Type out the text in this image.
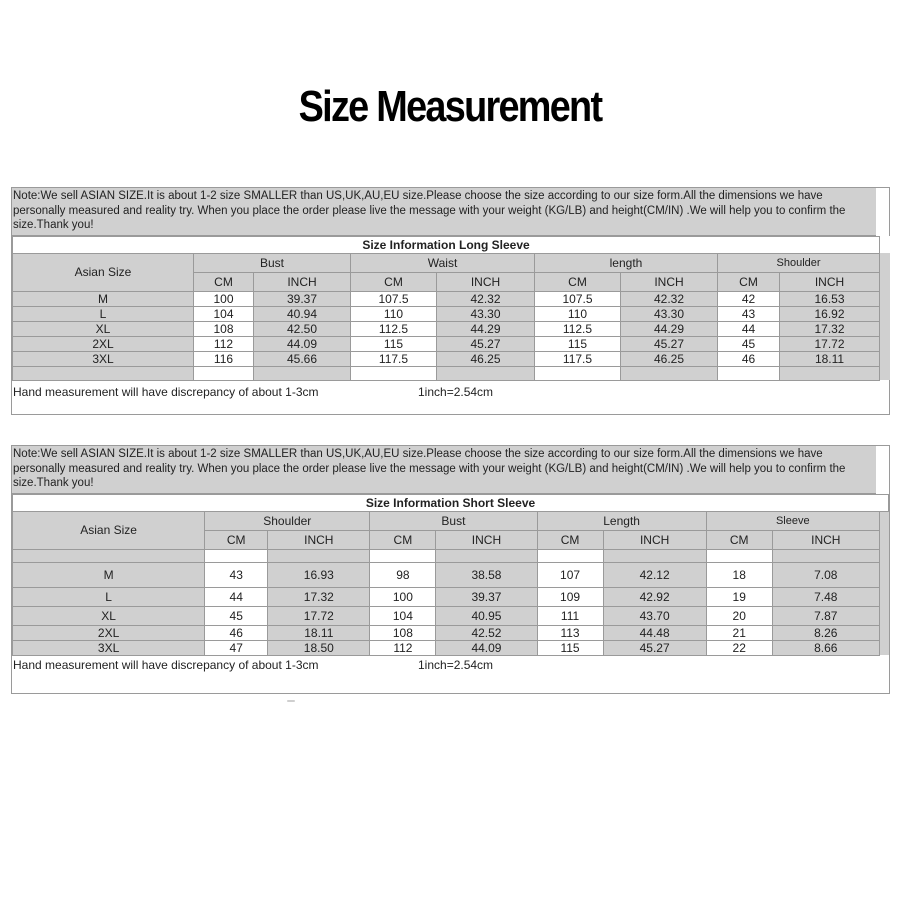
Size Measurement
Note:We sell ASIAN SIZE.It is about 1-2 size SMALLER than US,UK,AU,EU size.Please choose the size according to our size form.All the dimensions we have personally measured and reality try. When you place the order please live the message with your weight (KG/LB) and height(CM/IN) .We will help you to confirm the size.Thank you!
Size Information Long Sleeve									
Asian Size	Bust		Waist		length		Shoulder		
	CM	INCH	CM	INCH	CM	INCH	CM	INCH	
M	100	39.37	107.5	42.32	107.5	42.32	42	16.53	
L	104	40.94	110	43.30	110	43.30	43	16.92	
XL	108	42.50	112.5	44.29	112.5	44.29	44	17.32	
2XL	112	44.09	115	45.27	115	45.27	45	17.72	
3XL	116	45.66	117.5	46.25	117.5	46.25	46	18.11	

Hand measurement will have discrepancy of about 1-3cm	1inch=2.54cm
Note:We sell ASIAN SIZE.It is about 1-2 size SMALLER than US,UK,AU,EU size.Please choose the size according to our size form.All the dimensions we have personally measured and reality try. When you place the order please live the message with your weight (KG/LB) and height(CM/IN) .We will help you to confirm the size.Thank you!
Size Information Short Sleeve									
Asian Size	Shoulder		Bust		Length		Sleeve		
	CM	INCH	CM	INCH	CM	INCH	CM	INCH	

M	43	16.93	98	38.58	107	42.12	18	7.08	
L	44	17.32	100	39.37	109	42.92	19	7.48	
XL	45	17.72	104	40.95	111	43.70	20	7.87	
2XL	46	18.11	108	42.52	113	44.48	21	8.26	
3XL	47	18.50	112	44.09	115	45.27	22	8.66	
Hand measurement will have discrepancy of about 1-3cm	1inch=2.54cm
